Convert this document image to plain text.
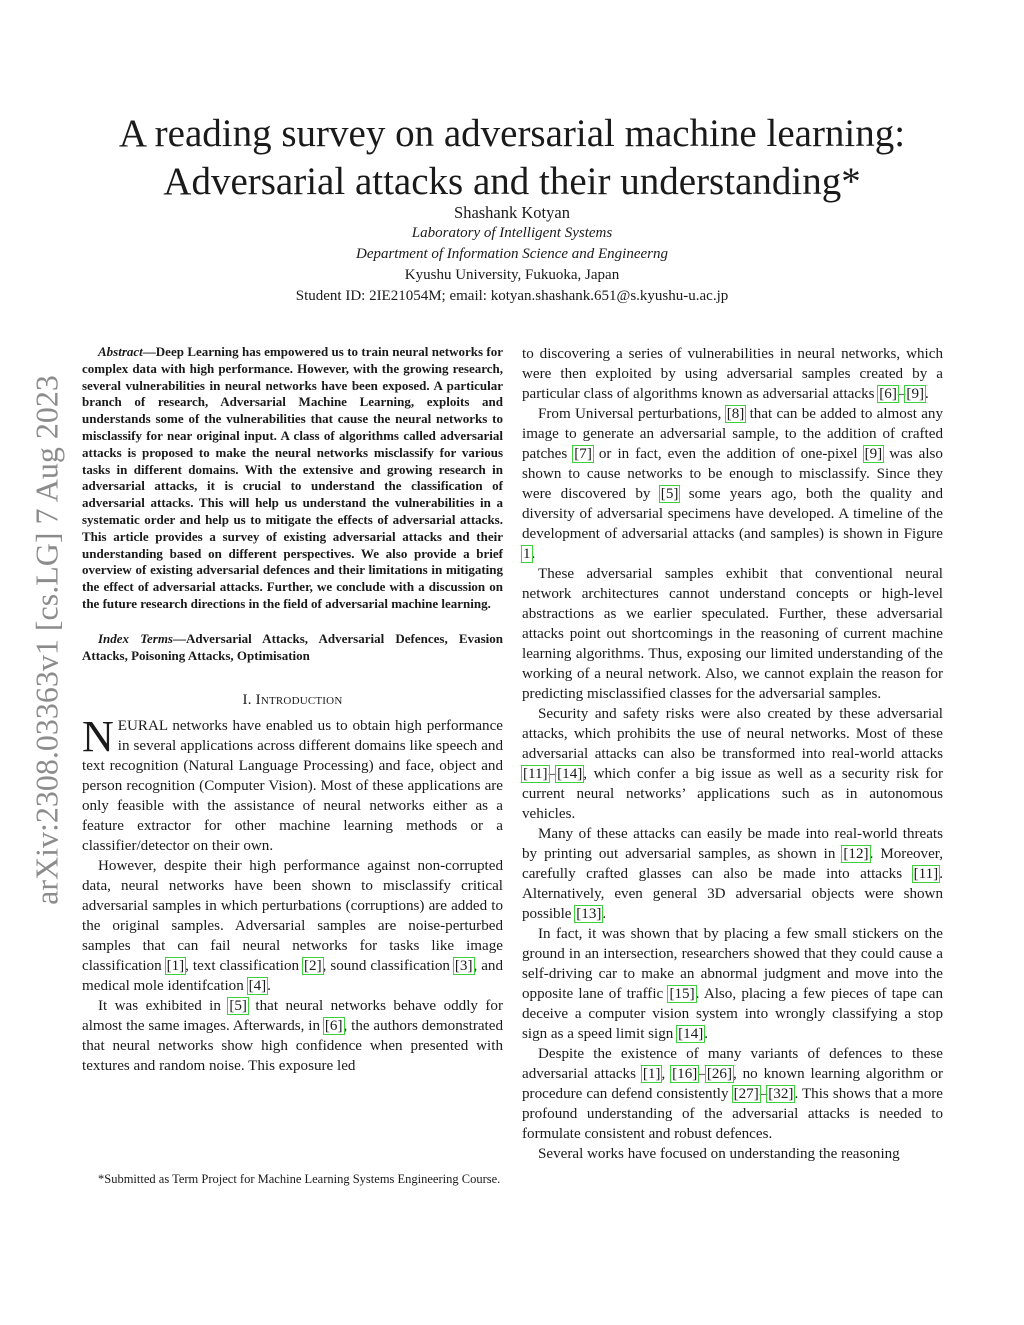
arXiv:2308.03363v1 [cs.LG] 7 Aug 2023
A reading survey on adversarial machine learning:
Adversarial attacks and their understanding*
Shashank Kotyan
Laboratory of Intelligent Systems
Department of Information Science and Engineerng
Kyushu University, Fukuoka, Japan
Student ID: 2IE21054M; email: kotyan.shashank.651@s.kyushu-u.ac.jp

Abstract—Deep Learning has empowered us to train neural networks for complex data with high performance. However, with the growing research, several vulnerabilities in neural networks have been exposed. A particular branch of research, Adversarial Machine Learning, exploits and understands some of the vulnerabilities that cause the neural networks to misclassify for near original input. A class of algorithms called adversarial attacks is proposed to make the neural networks misclassify for various tasks in different domains. With the extensive and growing research in adversarial attacks, it is crucial to understand the classification of adversarial attacks. This will help us understand the vulnerabilities in a systematic order and help us to mitigate the effects of adversarial attacks. This article provides a survey of existing adversarial attacks and their understanding based on different perspectives. We also provide a brief overview of existing adversarial defences and their limitations in mitigating the effect of adversarial attacks. Further, we conclude with a discussion on the future research directions in the field of adversarial machine learning.

Index Terms—Adversarial Attacks, Adversarial Defences, Evasion Attacks, Poisoning Attacks, Optimisation

I. Introduction

NEURAL networks have enabled us to obtain high performance in several applications across different domains like speech and text recognition (Natural Language Processing) and face, object and person recognition (Computer Vision). Most of these applications are only feasible with the assistance of neural networks either as a feature extractor for other machine learning methods or a classifier/detector on their own.

However, despite their high performance against non-corrupted data, neural networks have been shown to misclassify critical adversarial samples in which perturbations (corruptions) are added to the original samples. Adversarial samples are noise-perturbed samples that can fail neural networks for tasks like image classification [1], text classification [2], sound classification [3], and medical mole identifcation [4].

It was exhibited in [5] that neural networks behave oddly for almost the same images. Afterwards, in [6], the authors demonstrated that neural networks show high confidence when presented with textures and random noise. This exposure led

*Submitted as Term Project for Machine Learning Systems Engineering Course.

to discovering a series of vulnerabilities in neural networks, which were then exploited by using adversarial samples created by a particular class of algorithms known as adversarial attacks [6]–[9].

From Universal perturbations, [8] that can be added to almost any image to generate an adversarial sample, to the addition of crafted patches [7] or in fact, even the addition of one-pixel [9] was also shown to cause networks to be enough to misclassify. Since they were discovered by [5] some years ago, both the quality and diversity of adversarial specimens have developed. A timeline of the development of adversarial attacks (and samples) is shown in Figure 1.

These adversarial samples exhibit that conventional neural network architectures cannot understand concepts or high-level abstractions as we earlier speculated. Further, these adversarial attacks point out shortcomings in the reasoning of current machine learning algorithms. Thus, exposing our limited understanding of the working of a neural network. Also, we cannot explain the reason for predicting misclassified classes for the adversarial samples.

Security and safety risks were also created by these adversarial attacks, which prohibits the use of neural networks. Most of these adversarial attacks can also be transformed into real-world attacks [11]–[14], which confer a big issue as well as a security risk for current neural networks’ applications such as in autonomous vehicles.

Many of these attacks can easily be made into real-world threats by printing out adversarial samples, as shown in [12]. Moreover, carefully crafted glasses can also be made into attacks [11]. Alternatively, even general 3D adversarial objects were shown possible [13].

In fact, it was shown that by placing a few small stickers on the ground in an intersection, researchers showed that they could cause a self-driving car to make an abnormal judgment and move into the opposite lane of traffic [15]. Also, placing a few pieces of tape can deceive a computer vision system into wrongly classifying a stop sign as a speed limit sign [14].

Despite the existence of many variants of defences to these adversarial attacks [1], [16]–[26], no known learning algorithm or procedure can defend consistently [27]–[32]. This shows that a more profound understanding of the adversarial attacks is needed to formulate consistent and robust defences.

Several works have focused on understanding the reasoning
